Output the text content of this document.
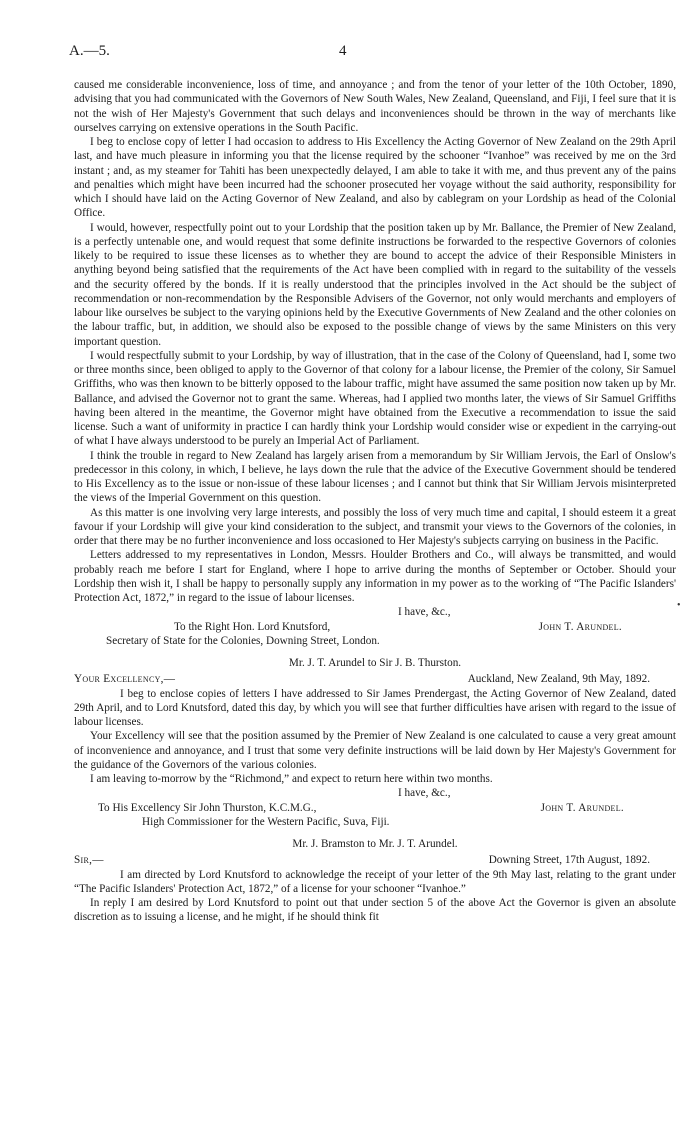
A.—5.	4
•

caused me considerable inconvenience, loss of time, and annoyance ; and from the tenor of your letter of the 10th October, 1890, advising that you had communicated with the Governors of New South Wales, New Zealand, Queensland, and Fiji, I feel sure that it is not the wish of Her Majesty's Government that such delays and inconveniences should be thrown in the way of merchants like ourselves carrying on extensive operations in the South Pacific.

I beg to enclose copy of letter I had occasion to address to His Excellency the Acting Governor of New Zealand on the 29th April last, and have much pleasure in informing you that the license required by the schooner “Ivanhoe” was received by me on the 3rd instant ; and, as my steamer for Tahiti has been unexpectedly delayed, I am able to take it with me, and thus prevent any of the pains and penalties which might have been incurred had the schooner prosecuted her voyage without the said authority, responsibility for which I should have laid on the Acting Governor of New Zealand, and also by cablegram on your Lordship as head of the Colonial Office.

I would, however, respectfully point out to your Lordship that the position taken up by Mr. Ballance, the Premier of New Zealand, is a perfectly untenable one, and would request that some definite instructions be forwarded to the respective Governors of colonies likely to be required to issue these licenses as to whether they are bound to accept the advice of their Responsible Ministers in anything beyond being satisfied that the requirements of the Act have been complied with in regard to the suitability of the vessels and the security offered by the bonds. If it is really understood that the principles involved in the Act should be the subject of recommendation or non-recommendation by the Responsible Advisers of the Governor, not only would merchants and employers of labour like ourselves be subject to the varying opinions held by the Executive Governments of New Zealand and the other colonies on the labour traffic, but, in addition, we should also be exposed to the possible change of views by the same Ministers on this very important question.

I would respectfully submit to your Lordship, by way of illustration, that in the case of the Colony of Queensland, had I, some two or three months since, been obliged to apply to the Governor of that colony for a labour license, the Premier of the colony, Sir Samuel Griffiths, who was then known to be bitterly opposed to the labour traffic, might have assumed the same position now taken up by Mr. Ballance, and advised the Governor not to grant the same. Whereas, had I applied two months later, the views of Sir Samuel Griffiths having been altered in the meantime, the Governor might have obtained from the Executive a recommendation to issue the said license. Such a want of uniformity in practice I can hardly think your Lordship would consider wise or expedient in the carrying-out of what I have always understood to be purely an Imperial Act of Parliament.

I think the trouble in regard to New Zealand has largely arisen from a memorandum by Sir William Jervois, the Earl of Onslow's predecessor in this colony, in which, I believe, he lays down the rule that the advice of the Executive Government should be tendered to His Excellency as to the issue or non-issue of these labour licenses ; and I cannot but think that Sir William Jervois misinterpreted the views of the Imperial Government on this question.

As this matter is one involving very large interests, and possibly the loss of very much time and capital, I should esteem it a great favour if your Lordship will give your kind consideration to the subject, and transmit your views to the Governors of the colonies, in order that there may be no further inconvenience and loss occasioned to Her Majesty's subjects carrying on business in the Pacific.

Letters addressed to my representatives in London, Messrs. Houlder Brothers and Co., will always be transmitted, and would probably reach me before I start for England, where I hope to arrive during the months of September or October. Should your Lordship then wish it, I shall be happy to personally supply any information in my power as to the working of “The Pacific Islanders' Protection Act, 1872,” in regard to the issue of labour licenses.

I have, &c.,
To the Right Hon. Lord Knutsford,	John T. Arundel.
Secretary of State for the Colonies, Downing Street, London.
Mr. J. T. Arundel to Sir J. B. Thurston.
Your Excellency,—	Auckland, New Zealand, 9th May, 1892.

I beg to enclose copies of letters I have addressed to Sir James Prendergast, the Acting Governor of New Zealand, dated 29th April, and to Lord Knutsford, dated this day, by which you will see that further difficulties have arisen with regard to the issue of labour licenses.

Your Excellency will see that the position assumed by the Premier of New Zealand is one calculated to cause a very great amount of inconvenience and annoyance, and I trust that some very definite instructions will be laid down by Her Majesty's Government for the guidance of the Governors of the various colonies.

I am leaving to-morrow by the “Richmond,” and expect to return here within two months.

I have, &c.,
To His Excellency Sir John Thurston, K.C.M.G.,	John T. Arundel.
High Commissioner for the Western Pacific, Suva, Fiji.
Mr. J. Bramston to Mr. J. T. Arundel.
Sir,—	Downing Street, 17th August, 1892.

I am directed by Lord Knutsford to acknowledge the receipt of your letter of the 9th May last, relating to the grant under “The Pacific Islanders' Protection Act, 1872,” of a license for your schooner “Ivanhoe.”

In reply I am desired by Lord Knutsford to point out that under section 5 of the above Act the Governor is given an absolute discretion as to issuing a license, and he might, if he should think fit
